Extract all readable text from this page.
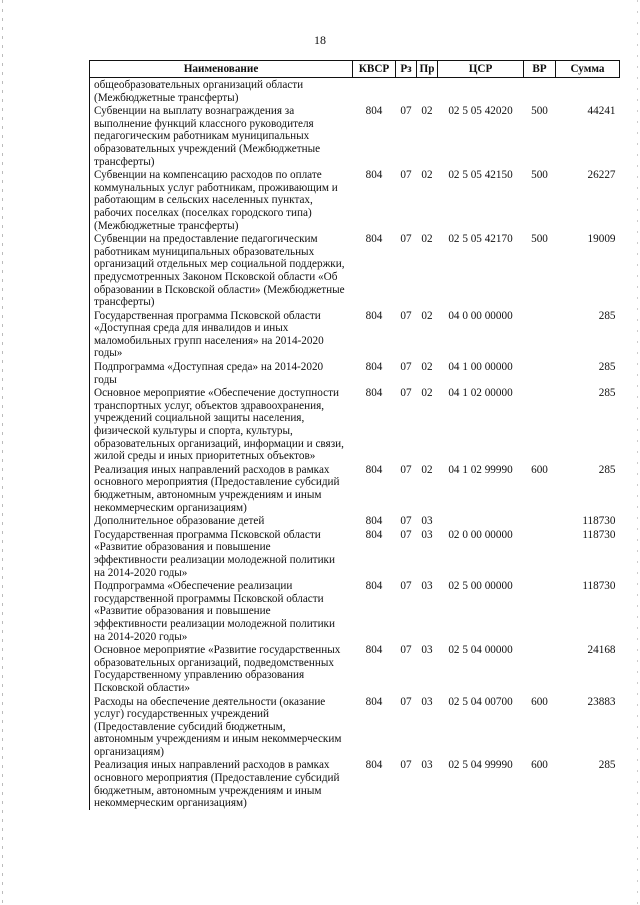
18
Наименование	КВСР	Рз	Пр	ЦСР	ВР	Сумма
общеобразовательных организаций области (Межбюджетные трансферты)						
Субвенции на выплату вознаграждения за выполнение функций классного руководителя педагогическим работникам муниципальных образовательных учреждений (Межбюджетные трансферты)	804	07	02	02 5 05 42020	500	44241
Субвенции на компенсацию расходов по оплате коммунальных услуг работникам, проживающим и работающим в сельских населенных пунктах, рабочих поселках (поселках городского типа) (Межбюджетные трансферты)	804	07	02	02 5 05 42150	500	26227
Субвенции на предоставление педагогическим работникам муниципальных образовательных организаций отдельных мер социальной поддержки, предусмотренных Законом Псковской области «Об образовании в Псковской области» (Межбюджетные трансферты)	804	07	02	02 5 05 42170	500	19009
Государственная программа Псковской области «Доступная среда для инвалидов и иных маломобильных групп населения» на 2014-2020 годы»	804	07	02	04 0 00 00000		285
Подпрограмма «Доступная среда» на 2014-2020 годы	804	07	02	04 1 00 00000		285
Основное мероприятие «Обеспечение доступности транспортных услуг, объектов здравоохранения, учреждений социальной защиты населения, физической культуры и спорта, культуры, образовательных организаций, информации и связи, жилой среды и иных приоритетных объектов»	804	07	02	04 1 02 00000		285
Реализация иных направлений расходов в рамках основного мероприятия (Предоставление субсидий бюджетным, автономным учреждениям и иным некоммерческим организациям)	804	07	02	04 1 02 99990	600	285
Дополнительное образование детей	804	07	03			118730
Государственная программа Псковской области «Развитие образования и повышение эффективности реализации молодежной политики на 2014-2020 годы»	804	07	03	02 0 00 00000		118730
Подпрограмма «Обеспечение реализации государственной программы Псковской области «Развитие образования и повышение эффективности реализации молодежной политики на 2014-2020 годы»	804	07	03	02 5 00 00000		118730
Основное мероприятие «Развитие государственных образовательных организаций, подведомственных Государственному управлению образования Псковской области»	804	07	03	02 5 04 00000		24168
Расходы на обеспечение деятельности (оказание услуг) государственных учреждений (Предоставление субсидий бюджетным, автономным учреждениям и иным некоммерческим организациям)	804	07	03	02 5 04 00700	600	23883
Реализация иных направлений расходов в рамках основного мероприятия (Предоставление субсидий бюджетным, автономным учреждениям и иным некоммерческим организациям)	804	07	03	02 5 04 99990	600	285
